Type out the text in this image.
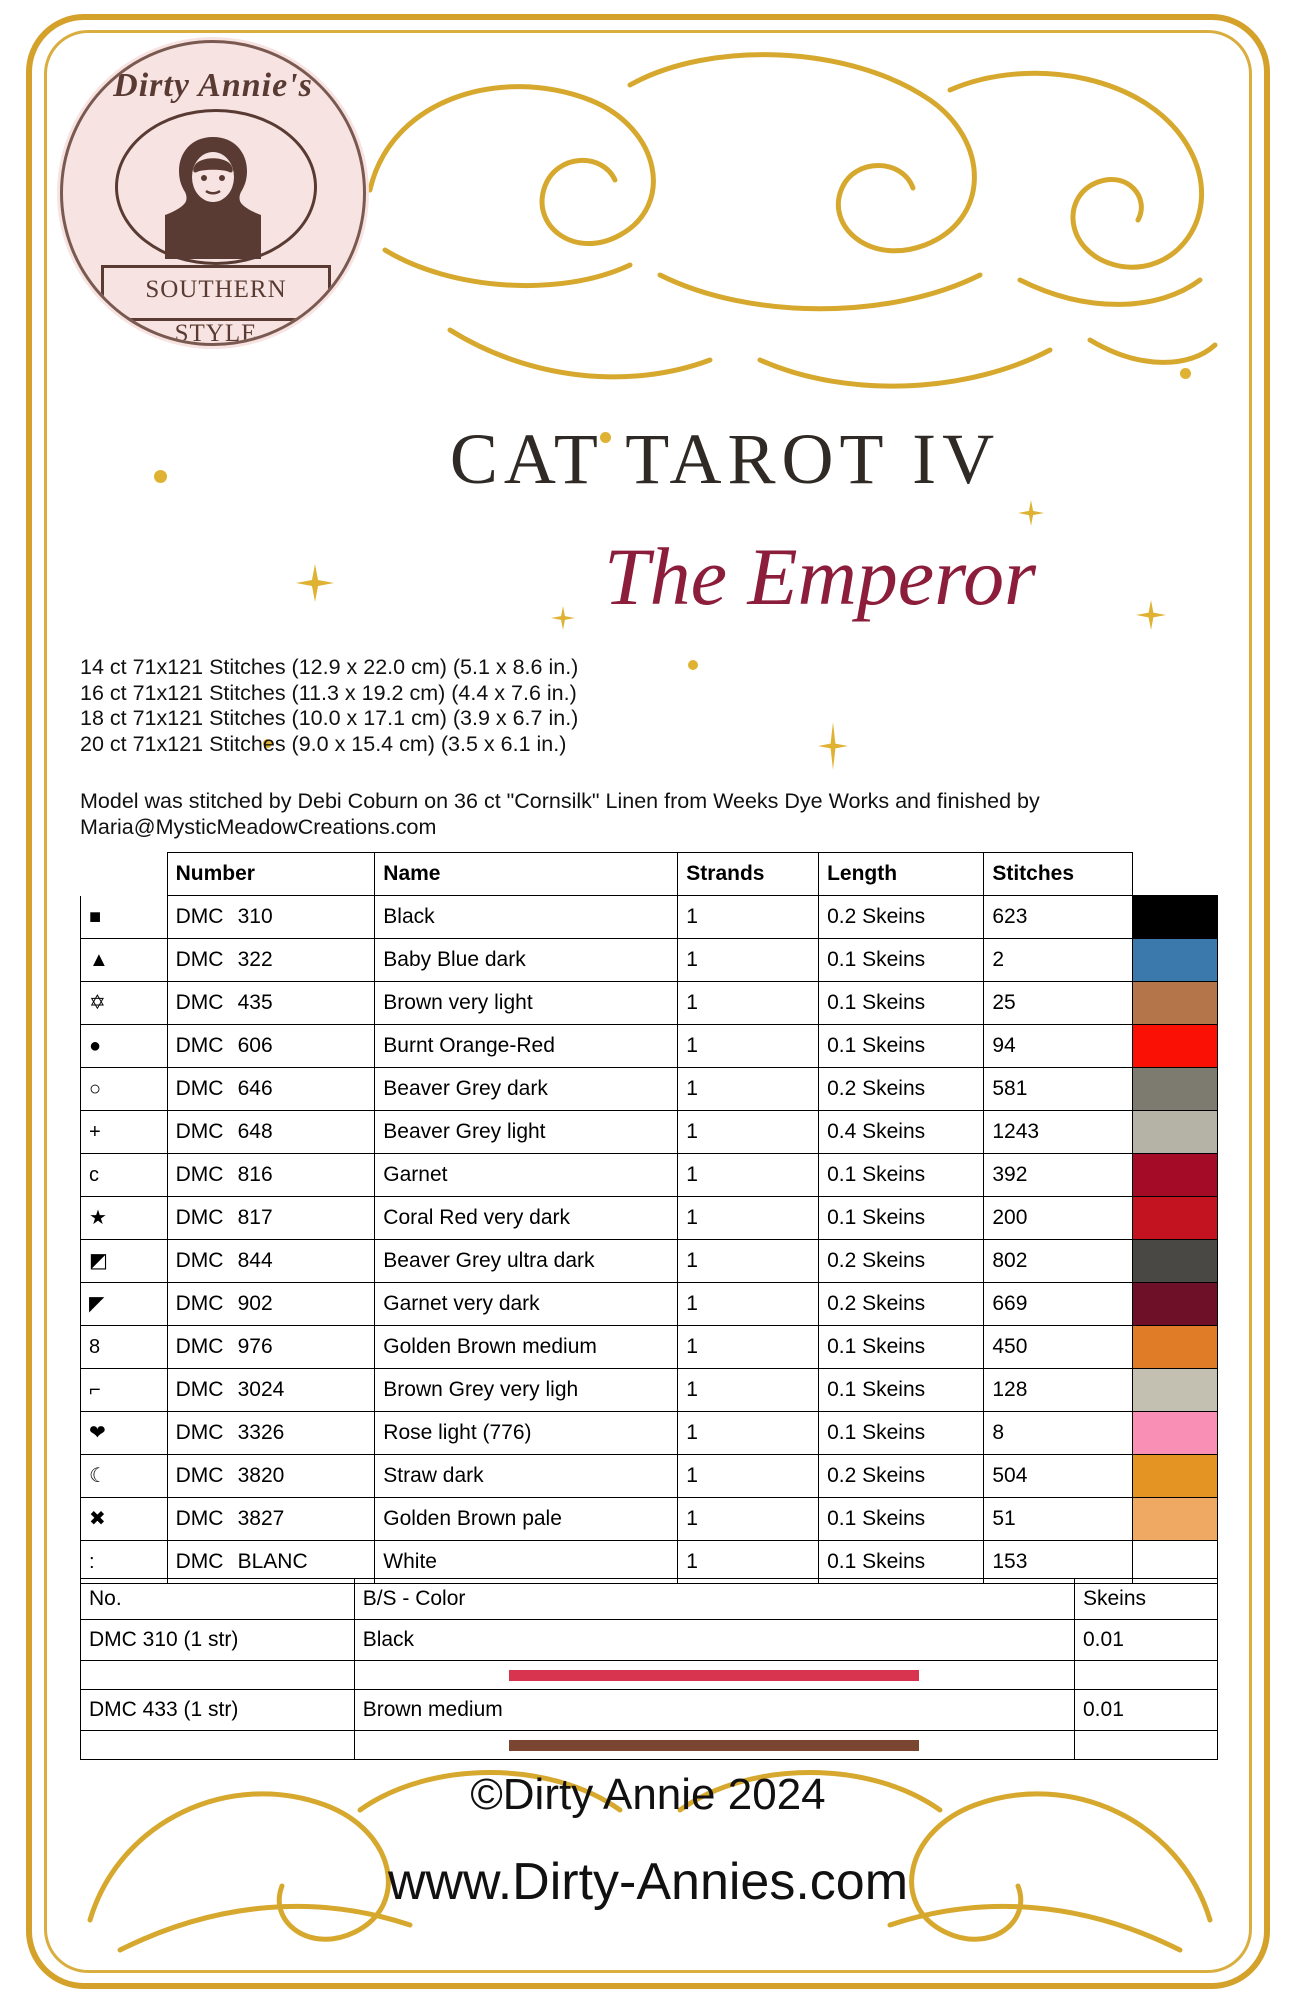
Dirty Annie's
SOUTHERN STYLE
CAT TAROT IV
The Emperor
14 ct 71x121 Stitches (12.9 x 22.0 cm) (5.1 x 8.6 in.)
16 ct 71x121 Stitches (11.3 x 19.2 cm) (4.4 x 7.6 in.)
18 ct 71x121 Stitches (10.0 x 17.1 cm) (3.9 x 6.7 in.)
20 ct 71x121 Stitches (9.0 x 15.4 cm) (3.5 x 6.1 in.)
Model was stitched by Debi Coburn on 36 ct "Cornsilk" Linen from Weeks Dye Works and finished by Maria@MysticMeadowCreations.com
	Number	Name	Strands	Length	Stitches	
■	DMC 310	Black	1	0.2 Skeins	623	

▲	DMC 322	Baby Blue dark	1	0.1 Skeins	2	

✡	DMC 435	Brown very light	1	0.1 Skeins	25	

●	DMC 606	Burnt Orange-Red	1	0.1 Skeins	94	

○	DMC 646	Beaver Grey dark	1	0.2 Skeins	581	

+	DMC 648	Beaver Grey light	1	0.4 Skeins	1243	

c	DMC 816	Garnet	1	0.1 Skeins	392	

★	DMC 817	Coral Red very dark	1	0.1 Skeins	200	

◩	DMC 844	Beaver Grey ultra dark	1	0.2 Skeins	802	

◤	DMC 902	Garnet very dark	1	0.2 Skeins	669	

8	DMC 976	Golden Brown medium	1	0.1 Skeins	450	

⌐	DMC 3024	Brown Grey very ligh	1	0.1 Skeins	128	

❤	DMC 3326	Rose light (776)	1	0.1 Skeins	8	

☾	DMC 3820	Straw dark	1	0.2 Skeins	504	

✖	DMC 3827	Golden Brown pale	1	0.1 Skeins	51	

:	DMC BLANC	White	1	0.1 Skeins	153	
No.	B/S - Color	Skeins
DMC 310 (1 str)	Black	0.01

DMC 433 (1 str)	Brown medium	0.01

©Dirty Annie 2024
www.Dirty-Annies.com
